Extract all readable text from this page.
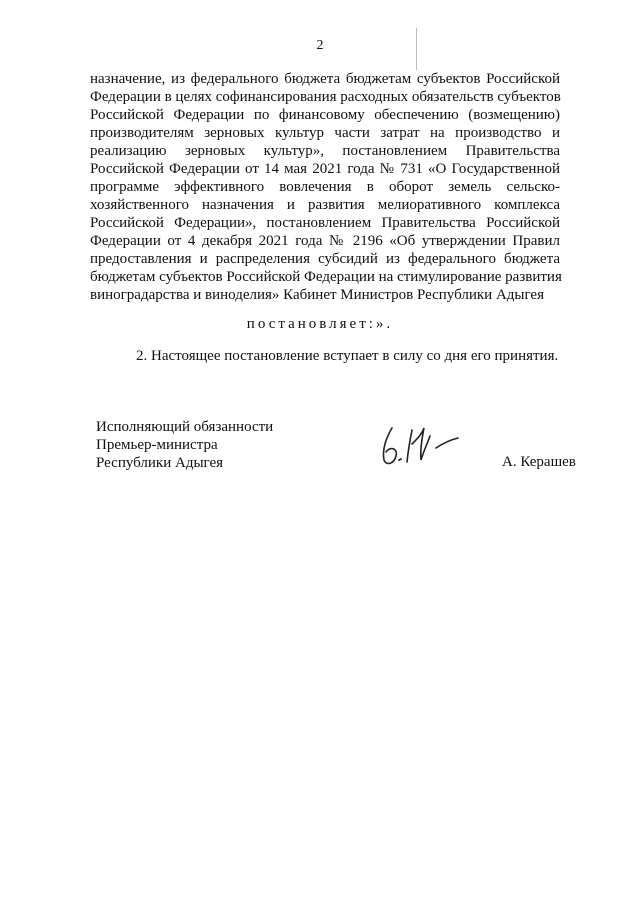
2
назначение, из федерального бюджета бюджетам субъектов Российской
Федерации в целях софинансирования расходных обязательств субъектов
Российской Федерации по финансовому обеспечению (возмещению)
производителям зерновых культур части затрат на производство и
реализацию зерновых культур», постановлением Правительства
Российской Федерации от 14 мая 2021 года № 731 «О Государственной
программе эффективного вовлечения в оборот земель сельско-
хозяйственного назначения и развития мелиоративного комплекса
Российской Федерации», постановлением Правительства Российской
Федерации от 4 декабря 2021 года № 2196 «Об утверждении Правил
предоставления и распределения субсидий из федерального бюджета
бюджетам субъектов Российской Федерации на стимулирование развития
виноградарства и виноделия» Кабинет Министров Республики Адыгея
постановляет:».
2. Настоящее постановление вступает в силу со дня его принятия.
Исполняющий обязанности
Премьер-министра
Республики Адыгея	А. Керашев
